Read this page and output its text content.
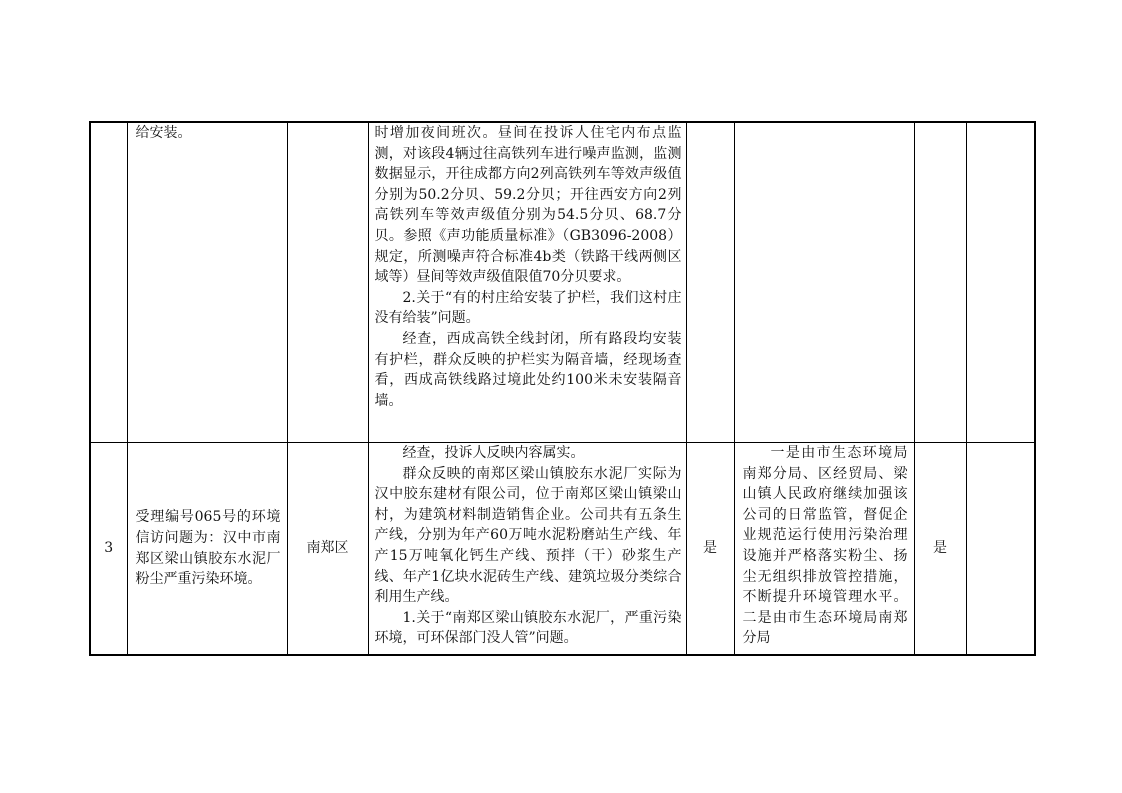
	给安装。		时增加夜间班次。昼间在投诉人住宅内布点监测，对该段4辆过往高铁列车进行噪声监测，监测数据显示，开往成都方向2列高铁列车等效声级值分别为50.2分贝、59.2分贝；开往西安方向2列高铁列车等效声级值分别为54.5分贝、68.7分贝。参照《声功能质量标准》（GB3096-2008）规定，所测噪声符合标准4b类（铁路干线两侧区域等）昼间等效声级值限值70分贝要求。

2.关于“有的村庄给安装了护栏，我们这村庄没有给装”问题。

经查，西成高铁全线封闭，所有路段均安装有护栏，群众反映的护栏实为隔音墙，经现场查看，西成高铁线路过境此处约100米未安装隔音墙。				

3	受理编号065号的环境信访问题为：汉中市南郑区梁山镇胶东水泥厂粉尘严重污染环境。	南郑区	经查，投诉人反映内容属实。

群众反映的南郑区梁山镇胶东水泥厂实际为汉中胶东建材有限公司，位于南郑区梁山镇梁山村，为建筑材料制造销售企业。公司共有五条生产线，分别为年产60万吨水泥粉磨站生产线、年产15万吨氧化钙生产线、预拌（干）砂浆生产线、年产1亿块水泥砖生产线、建筑垃圾分类综合利用生产线。

1.关于“南郑区梁山镇胶东水泥厂，严重污染环境，可环保部门没人管”问题。	是	一是由市生态环境局南郑分局、区经贸局、梁山镇人民政府继续加强该公司的日常监管，督促企业规范运行使用污染治理设施并严格落实粉尘、扬尘无组织排放管控措施，不断提升环境管理水平。二是由市生态环境局南郑分局	是	
